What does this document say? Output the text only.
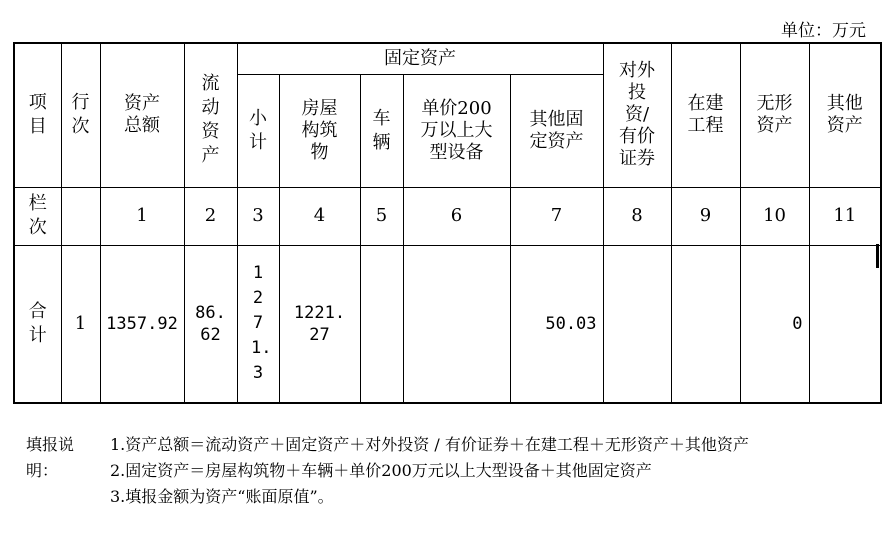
单位：万元
项目	行次	资产总额	流动资产	固定资产					对外投资/有价证券	在建工程	无形资产	其他资产
				小计	房屋构筑物	车辆	单价200万以上大型设备	其他固定资产				
栏次		1	2	3	4	5	6	7	8	9	10	11
合计	1	1357.92	86.62	1271.3	1221.27			50.03			0	
填报说明：

1.资产总额＝流动资产＋固定资产＋对外投资 / 有价证券＋在建工程＋无形资产＋其他资产

2.固定资产＝房屋构筑物＋车辆＋单价200万元以上大型设备＋其他固定资产

3.填报金额为资产“账面原值”。
